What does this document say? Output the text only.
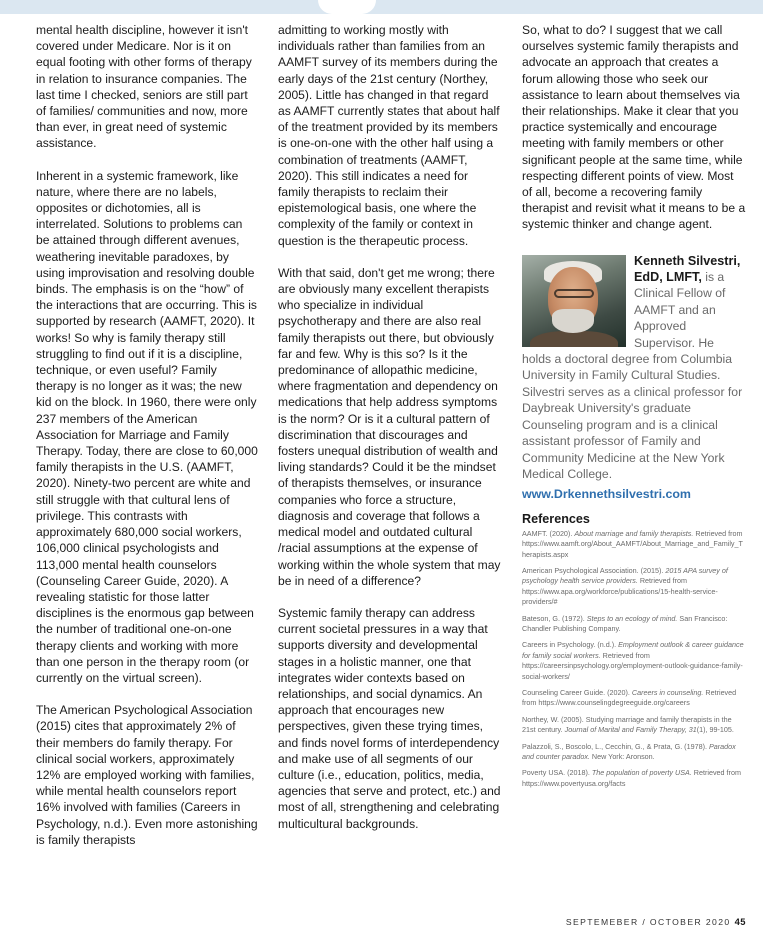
mental health discipline, however it isn't covered under Medicare. Nor is it on equal footing with other forms of therapy in relation to insurance companies. The last time I checked, seniors are still part of families/ communities and now, more than ever, in great need of systemic assistance.

Inherent in a systemic framework, like nature, where there are no labels, opposites or dichotomies, all is interrelated. Solutions to problems can be attained through different avenues, weathering inevitable paradoxes, by using improvisation and resolving double binds. The emphasis is on the “how” of the interactions that are occurring. This is supported by research (AAMFT, 2020). It works! So why is family therapy still struggling to find out if it is a discipline, technique, or even useful? Family therapy is no longer as it was; the new kid on the block. In 1960, there were only 237 members of the American Association for Marriage and Family Therapy. Today, there are close to 60,000 family therapists in the U.S. (AAMFT, 2020). Ninety-two percent are white and still struggle with that cultural lens of privilege. This contrasts with approximately 680,000 social workers, 106,000 clinical psychologists and 113,000 mental health counselors (Counseling Career Guide, 2020). A revealing statistic for those latter disciplines is the enormous gap between the number of traditional one-on-one therapy clients and working with more than one person in the therapy room (or currently on the virtual screen).

The American Psychological Association (2015) cites that approximately 2% of their members do family therapy. For clinical social workers, approximately 12% are employed working with families, while mental health counselors report 16% involved with families (Careers in Psychology, n.d.). Even more astonishing is family therapists

admitting to working mostly with individuals rather than families from an AAMFT survey of its members during the early days of the 21st century (Northey, 2005). Little has changed in that regard as AAMFT currently states that about half of the treatment provided by its members is one-on-one with the other half using a combination of treatments (AAMFT, 2020). This still indicates a need for family therapists to reclaim their epistemological basis, one where the complexity of the family or context in question is the therapeutic process.

With that said, don't get me wrong; there are obviously many excellent therapists who specialize in individual psychotherapy and there are also real family therapists out there, but obviously far and few. Why is this so? Is it the predominance of allopathic medicine, where fragmentation and dependency on medications that help address symptoms is the norm? Or is it a cultural pattern of discrimination that discourages and fosters unequal distribution of wealth and living standards? Could it be the mindset of therapists themselves, or insurance companies who force a structure, diagnosis and coverage that follows a medical model and outdated cultural /racial assumptions at the expense of working within the whole system that may be in need of a difference?

Systemic family therapy can address current societal pressures in a way that supports diversity and developmental stages in a holistic manner, one that integrates wider contexts based on relationships, and social dynamics. An approach that encourages new perspectives, given these trying times, and finds novel forms of interdependency and make use of all segments of our culture (i.e., education, politics, media, agencies that serve and protect, etc.) and most of all, strengthening and celebrating multicultural backgrounds.

So, what to do? I suggest that we call ourselves systemic family therapists and advocate an approach that creates a forum allowing those who seek our assistance to learn about themselves via their relationships. Make it clear that you practice systemically and encourage meeting with family members or other significant people at the same time, while respecting different points of view. Most of all, become a recovering family therapist and revisit what it means to be a systemic thinker and change agent.

Kenneth Silvestri, EdD, LMFT, is a Clinical Fellow of AAMFT and an Approved Supervisor. He holds a doctoral degree from Columbia University in Family Cultural Studies. Silvestri serves as a clinical professor for Daybreak University's graduate Counseling program and is a clinical assistant professor of Family and Community Medicine at the New York Medical College.
www.Drkennethsilvestri.com
References
AAMFT. (2020). About marriage and family therapists. Retrieved from https://www.aamft.org/About_AAMFT/About_Marriage_and_Family_Therapists.aspx
American Psychological Association. (2015). 2015 APA survey of psychology health service providers. Retrieved from https://www.apa.org/workforce/publications/15-health-service-providers/#
Bateson, G. (1972). Steps to an ecology of mind. San Francisco: Chandler Publishing Company.
Careers in Psychology. (n.d.). Employment outlook & career guidance for family social workers. Retrieved from https://careersinpsychology.org/employment-outlook-guidance-family-social-workers/
Counseling Career Guide. (2020). Careers in counseling. Retrieved from https://www.counselingdegreeguide.org/careers
Northey, W. (2005). Studying marriage and family therapists in the 21st century. Journal of Marital and Family Therapy, 31(1), 99-105.
Palazzoli, S., Boscolo, L., Cecchin, G., & Prata, G. (1978). Paradox and counter paradox. New York: Aronson.
Poverty USA. (2018). The population of poverty USA. Retrieved from https://www.povertyusa.org/facts
SEPTEMEBER / OCTOBER 2020 45
